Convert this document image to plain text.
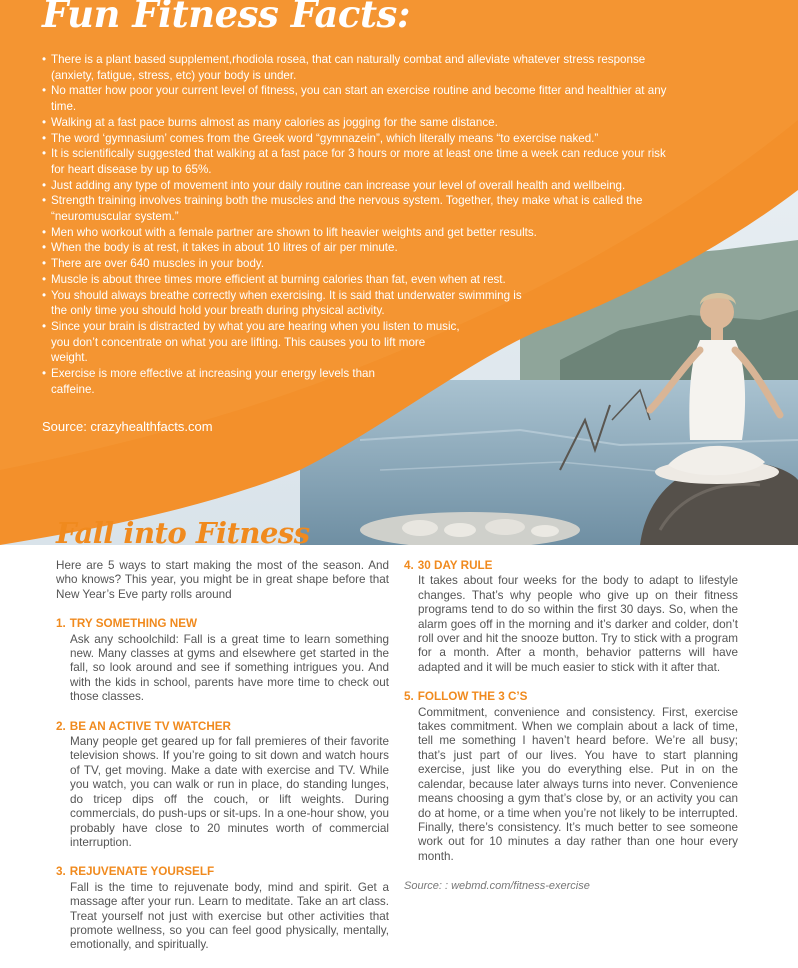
Fun Fitness Facts:
• There is a plant based supplement,rhodiola rosea, that can naturally combat and alleviate whatever stress response
(anxiety, fatigue, stress, etc) your body is under.
• No matter how poor your current level of fitness, you can start an exercise routine and become fitter and healthier at any
time.
• Walking at a fast pace burns almost as many calories as jogging for the same distance.
• The word ‘gymnasium’ comes from the Greek word “gymnazein”, which literally means “to exercise naked.”
• It is scientifically suggested that walking at a fast pace for 3 hours or more at least one time a week can reduce your risk
for heart disease by up to 65%.
• Just adding any type of movement into your daily routine can increase your level of overall health and wellbeing.
• Strength training involves training both the muscles and the nervous system. Together, they make what is called the
“neuromuscular system.”
• Men who workout with a female partner are shown to lift heavier weights and get better results.
• When the body is at rest, it takes in about 10 litres of air per minute.
• There are over 640 muscles in your body.
• Muscle is about three times more efficient at burning calories than fat, even when at rest.
• You should always breathe correctly when exercising. It is said that underwater swimming is
the only time you should hold your breath during physical activity.
• Since your brain is distracted by what you are hearing when you listen to music,
you don’t concentrate on what you are lifting. This causes you to lift more
weight.
• Exercise is more effective at increasing your energy levels than
caffeine.
Source: crazyhealthfacts.com
Fall into Fitness

Here are 5 ways to start making the most of the season. And who knows? This year, you might be in great shape before that New Year’s Eve party rolls around

1. TRY SOMETHING NEW

Ask any schoolchild: Fall is a great time to learn something new. Many classes at gyms and elsewhere get started in the fall, so look around and see if something intrigues you. And with the kids in school, parents have more time to check out those classes.

2. BE AN ACTIVE TV WATCHER

Many people get geared up for fall premieres of their favorite television shows. If you’re going to sit down and watch hours of TV, get moving. Make a date with exercise and TV. While you watch, you can walk or run in place, do standing lunges, do tricep dips off the couch, or lift weights. During commercials, do push-ups or sit-ups. In a one-hour show, you probably have close to 20 minutes worth of commercial interruption.

3. REJUVENATE YOURSELF

Fall is the time to rejuvenate body, mind and spirit. Get a massage after your run. Learn to meditate. Take an art class. Treat yourself not just with exercise but other activities that promote wellness, so you can feel good physically, mentally, emotionally, and spiritually.

4. 30 DAY RULE

It takes about four weeks for the body to adapt to lifestyle changes. That’s why people who give up on their fitness programs tend to do so within the first 30 days. So, when the alarm goes off in the morning and it’s darker and colder, don’t roll over and hit the snooze button. Try to stick with a program for a month. After a month, behavior patterns will have adapted and it will be much easier to stick with it after that.

5. FOLLOW THE 3 C’S

Commitment, convenience and consistency. First, exercise takes commitment. When we complain about a lack of time, tell me something I haven’t heard before. We’re all busy; that’s just part of our lives. You have to start planning exercise, just like you do everything else. Put in on the calendar, because later always turns into never. Convenience means choosing a gym that’s close by, or an activity you can do at home, or a time when you’re not likely to be interrupted. Finally, there’s consistency. It’s much better to see someone work out for 10 minutes a day rather than one hour every month.

Source: : webmd.com/fitness-exercise
